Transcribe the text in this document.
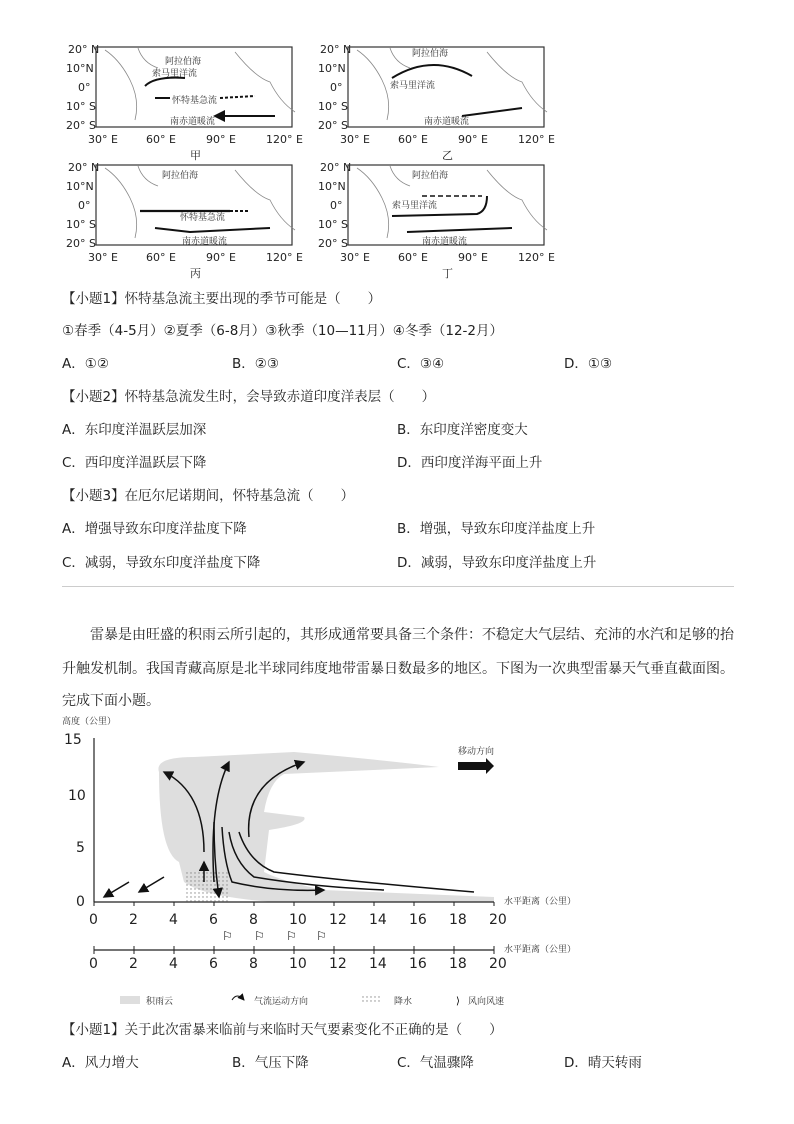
20° N
10°N
0°
10° S
20° S
阿拉伯海
索马里洋流
怀特基急流
南赤道暖流
30° E	60° E	90° E	120° E
甲
20° N
10°N
0°
10° S
20° S
阿拉伯海
索马里洋流
南赤道暖流
30° E	60° E	90° E	120° E
乙
20° N
10°N
0°
10° S
20° S
阿拉伯海
怀特基急流
南赤道暖流
30° E	60° E	90° E	120° E
丙
20° N
10°N
0°
10° S
20° S
阿拉伯海
索马里洋流
南赤道暖流
30° E	60° E	90° E	120° E
丁
【小题1】怀特基急流主要出现的季节可能是（　　）
①春季（4-5月）②夏季（6-8月）③秋季（10—11月）④冬季（12-2月）
A．①②	B．②③	C．③④	D．①③
【小题2】怀特基急流发生时，会导致赤道印度洋表层（　　）
A．东印度洋温跃层加深	B．东印度洋密度变大
C．西印度洋温跃层下降	D．西印度洋海平面上升
【小题3】在厄尔尼诺期间，怀特基急流（　　）
A．增强导致东印度洋盐度下降	B．增强，导致东印度洋盐度上升
C．减弱，导致东印度洋盐度下降	D．减弱，导致东印度洋盐度上升
雷暴是由旺盛的积雨云所引起的，其形成通常要具备三个条件：不稳定大气层结、充沛的水汽和足够的抬
升触发机制。我国青藏高原是北半球同纬度地带雷暴日数最多的地区。下图为一次典型雷暴天气垂直截面图。
完成下面小题。
高度（公里）
15
10
5
0
0 2 4 6 8 10 12 14 16 18 20
水平距离（公里）
移动方向
0 2 4 6 8 10 12 14 16 18 20
水平距离（公里）
⚐ ⚐ ⚐ ⚐
积雨云	气流运动方向	降水	⟩ 风向风速
【小题1】关于此次雷暴来临前与来临时天气要素变化不正确的是（　　）
A．风力增大	B．气压下降	C．气温骤降	D．晴天转雨
